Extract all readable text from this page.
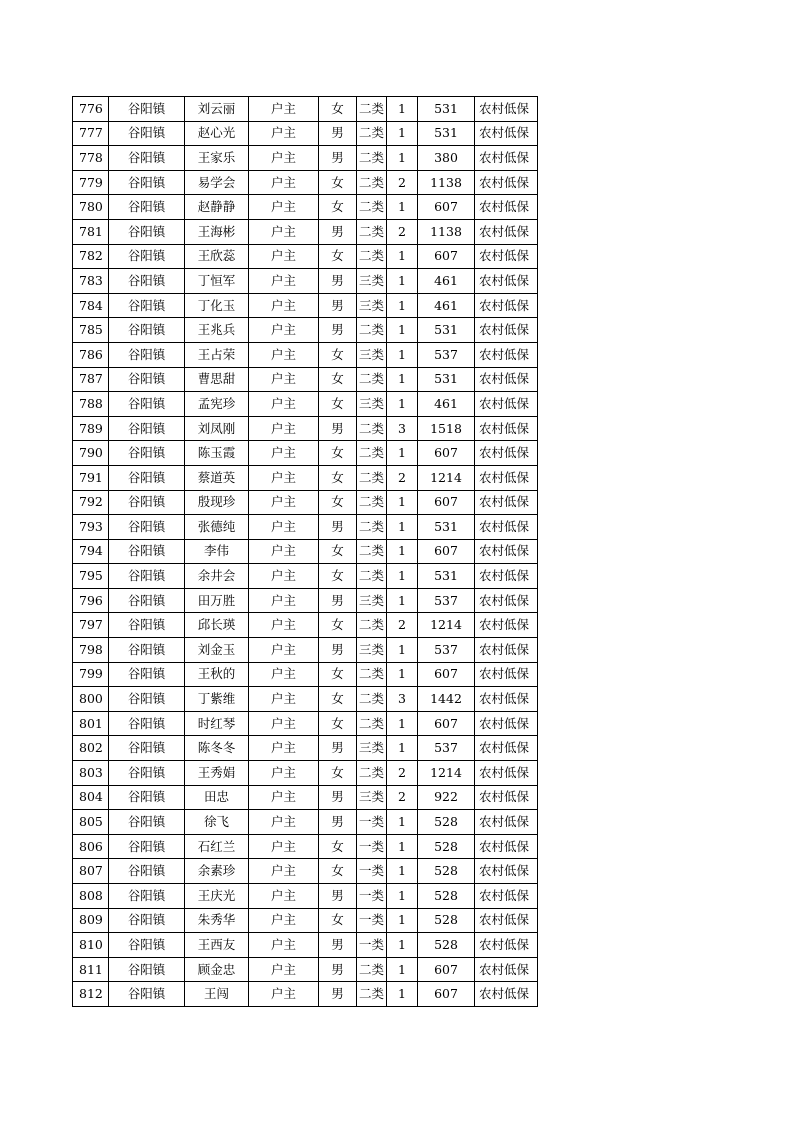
776	谷阳镇	刘云丽	户主	女	二类	1	531	农村低保
777	谷阳镇	赵心光	户主	男	二类	1	531	农村低保
778	谷阳镇	王家乐	户主	男	二类	1	380	农村低保
779	谷阳镇	易学会	户主	女	二类	2	1138	农村低保
780	谷阳镇	赵静静	户主	女	二类	1	607	农村低保
781	谷阳镇	王海彬	户主	男	二类	2	1138	农村低保
782	谷阳镇	王欣蕊	户主	女	二类	1	607	农村低保
783	谷阳镇	丁恒军	户主	男	三类	1	461	农村低保
784	谷阳镇	丁化玉	户主	男	三类	1	461	农村低保
785	谷阳镇	王兆兵	户主	男	二类	1	531	农村低保
786	谷阳镇	王占荣	户主	女	三类	1	537	农村低保
787	谷阳镇	曹思甜	户主	女	二类	1	531	农村低保
788	谷阳镇	孟宪珍	户主	女	三类	1	461	农村低保
789	谷阳镇	刘凤刚	户主	男	二类	3	1518	农村低保
790	谷阳镇	陈玉霞	户主	女	二类	1	607	农村低保
791	谷阳镇	蔡道英	户主	女	二类	2	1214	农村低保
792	谷阳镇	殷现珍	户主	女	二类	1	607	农村低保
793	谷阳镇	张德纯	户主	男	二类	1	531	农村低保
794	谷阳镇	李伟	户主	女	二类	1	607	农村低保
795	谷阳镇	余井会	户主	女	二类	1	531	农村低保
796	谷阳镇	田万胜	户主	男	三类	1	537	农村低保
797	谷阳镇	邱长瑛	户主	女	二类	2	1214	农村低保
798	谷阳镇	刘金玉	户主	男	三类	1	537	农村低保
799	谷阳镇	王秋的	户主	女	二类	1	607	农村低保
800	谷阳镇	丁紫维	户主	女	二类	3	1442	农村低保
801	谷阳镇	时红琴	户主	女	二类	1	607	农村低保
802	谷阳镇	陈冬冬	户主	男	三类	1	537	农村低保
803	谷阳镇	王秀娟	户主	女	二类	2	1214	农村低保
804	谷阳镇	田忠	户主	男	三类	2	922	农村低保
805	谷阳镇	徐飞	户主	男	一类	1	528	农村低保
806	谷阳镇	石红兰	户主	女	一类	1	528	农村低保
807	谷阳镇	余素珍	户主	女	一类	1	528	农村低保
808	谷阳镇	王庆光	户主	男	一类	1	528	农村低保
809	谷阳镇	朱秀华	户主	女	一类	1	528	农村低保
810	谷阳镇	王西友	户主	男	一类	1	528	农村低保
811	谷阳镇	顾金忠	户主	男	二类	1	607	农村低保
812	谷阳镇	王闯	户主	男	二类	1	607	农村低保
